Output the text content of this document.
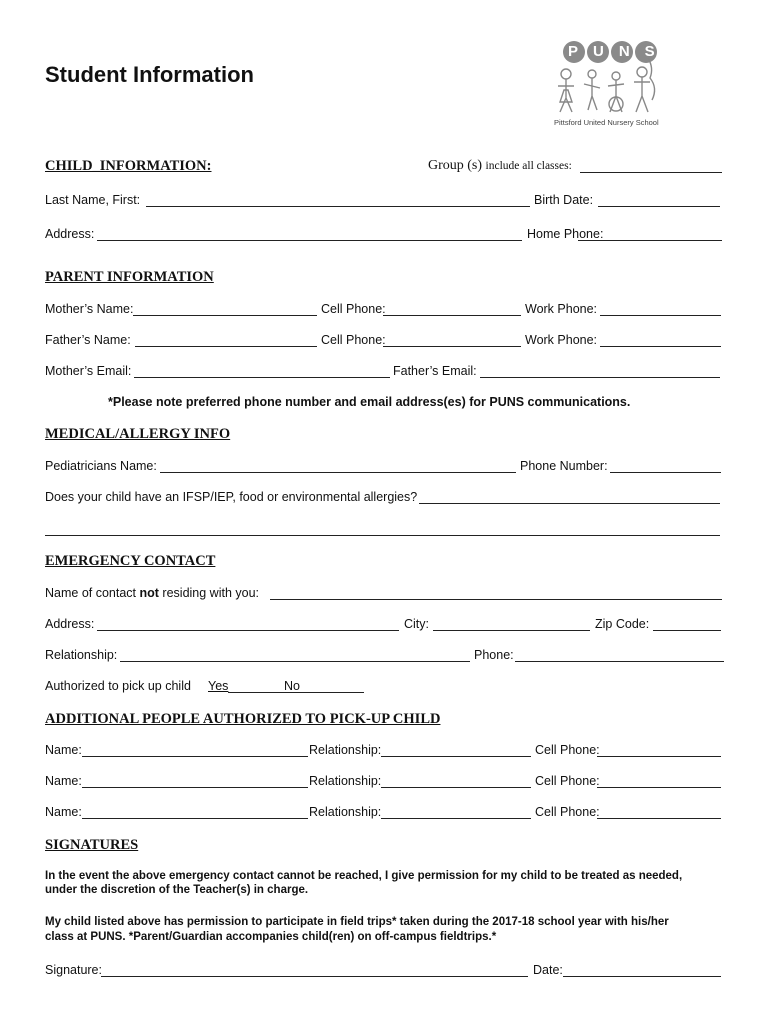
Student Information
PUNS
Pittsford United Nursery School
CHILD_INFORMATION:	Group (s) include all classes:
Last Name, First:	Birth Date:
Address:	Home Phone:
PARENT INFORMATION
Mother’s Name:	Cell Phone:	Work Phone:
Father’s Name:	Cell Phone:	Work Phone:
Mother’s Email:	Father’s Email:
*Please note preferred phone number and email address(es) for PUNS communications.
MEDICAL/ALLERGY INFO
Pediatricians Name:	Phone Number:
Does your child have an IFSP/IEP, food or environmental allergies?
EMERGENCY CONTACT
Name of contact not residing with you:
Address:	City:	Zip Code:
Relationship:	Phone:
Authorized to pick up child Yes	No
ADDITIONAL PEOPLE AUTHORIZED TO PICK-UP CHILD
Name:	Relationship:	Cell Phone:
Name:	Relationship:	Cell Phone:
Name:	Relationship:	Cell Phone:
SIGNATURES
In the event the above emergency contact cannot be reached, I give permission for my child to be treated as needed,
under the discretion of the Teacher(s) in charge.
My child listed above has permission to participate in field trips* taken during the 2017-18 school year with his/her
class at PUNS. *Parent/Guardian accompanies child(ren) on off-campus fieldtrips.*
Signature:	Date:
